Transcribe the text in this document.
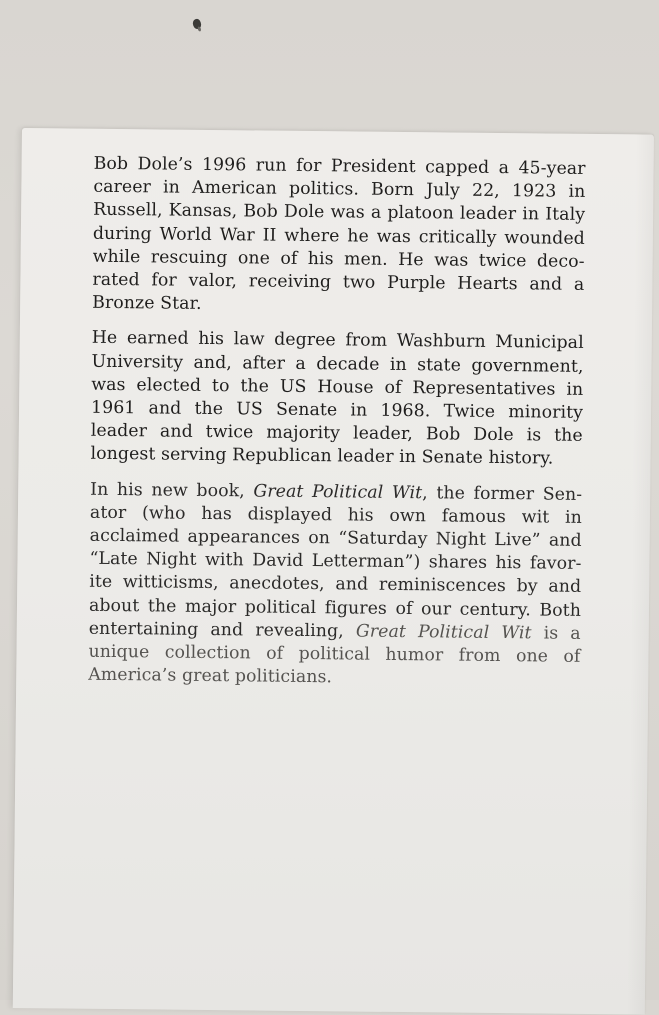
Bob Dole’s 1996 run for President capped a 45-year career in American politics. Born July 22, 1923 in Russell, Kansas, Bob Dole was a platoon leader in Italy during World War II where he was critically wounded while rescuing one of his men. He was twice deco-rated for valor, receiving two Purple Hearts and a Bronze Star.

He earned his law degree from Washburn Municipal University and, after a decade in state government, was elected to the US House of Representatives in 1961 and the US Senate in 1968. Twice minority leader and twice majority leader, Bob Dole is the longest serving Republican leader in Senate history.

In his new book, Great Political Wit, the former Sen-ator (who has displayed his own famous wit in acclaimed appearances on “Saturday Night Live” and “Late Night with David Letterman”) shares his favor-ite witticisms, anecdotes, and reminiscences by and about the major political figures of our century. Both entertaining and revealing, Great Political Wit is a unique collection of political humor from one of America’s great politicians.
